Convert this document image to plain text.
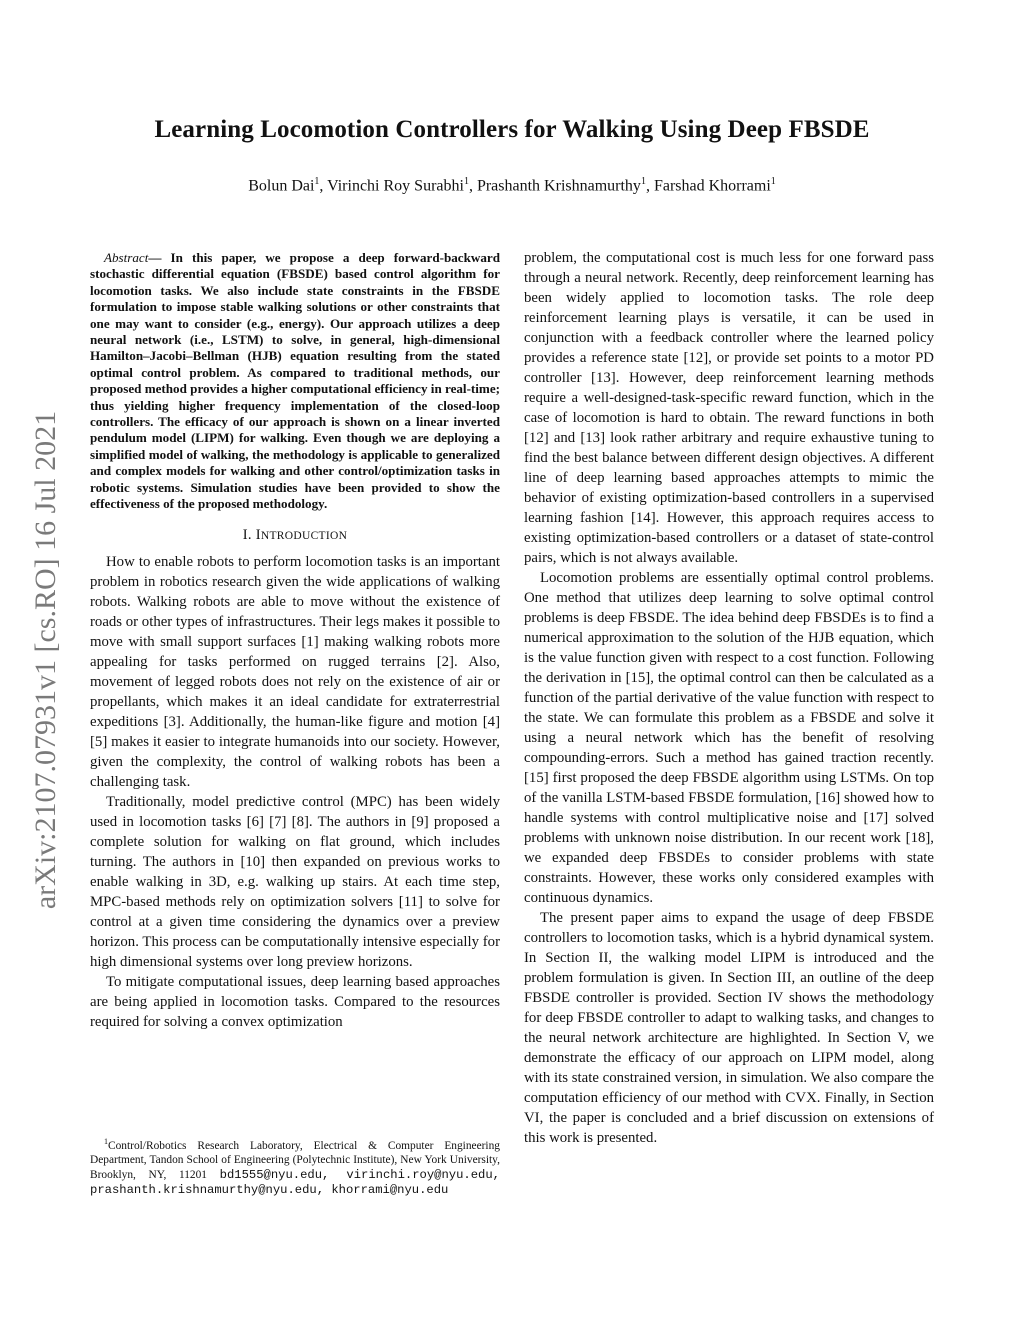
Learning Locomotion Controllers for Walking Using Deep FBSDE
Bolun Dai$^1$, Virinchi Roy Surabhi$^1$, Prashanth Krishnamurthy$^1$, Farshad Khorrami$^1$
arXiv:2107.07931v1 [cs.RO] 16 Jul 2021

Abstract— In this paper, we propose a deep forward-backward stochastic differential equation (FBSDE) based control algorithm for locomotion tasks. We also include state constraints in the FBSDE formulation to impose stable walking solutions or other constraints that one may want to consider (e.g., energy). Our approach utilizes a deep neural network (i.e., LSTM) to solve, in general, high-dimensional Hamilton–Jacobi–Bellman (HJB) equation resulting from the stated optimal control problem. As compared to traditional methods, our proposed method provides a higher computational efficiency in real-time; thus yielding higher frequency implementation of the closed-loop controllers. The efficacy of our approach is shown on a linear inverted pendulum model (LIPM) for walking. Even though we are deploying a simplified model of walking, the methodology is applicable to generalized and complex models for walking and other control/optimization tasks in robotic systems. Simulation studies have been provided to show the effectiveness of the proposed methodology.

I. INTRODUCTION

How to enable robots to perform locomotion tasks is an important problem in robotics research given the wide applications of walking robots. Walking robots are able to move without the existence of roads or other types of infrastructures. Their legs makes it possible to move with small support surfaces [1] making walking robots more appealing for tasks performed on rugged terrains [2]. Also, movement of legged robots does not rely on the existence of air or propellants, which makes it an ideal candidate for extraterrestrial expeditions [3]. Additionally, the human-like figure and motion [4] [5] makes it easier to integrate humanoids into our society. However, given the complexity, the control of walking robots has been a challenging task.

Traditionally, model predictive control (MPC) has been widely used in locomotion tasks [6] [7] [8]. The authors in [9] proposed a complete solution for walking on flat ground, which includes turning. The authors in [10] then expanded on previous works to enable walking in 3D, e.g. walking up stairs. At each time step, MPC-based methods rely on optimization solvers [11] to solve for control at a given time considering the dynamics over a preview horizon. This process can be computationally intensive especially for high dimensional systems over long preview horizons.

To mitigate computational issues, deep learning based approaches are being applied in locomotion tasks. Compared to the resources required for solving a convex optimization

problem, the computational cost is much less for one forward pass through a neural network. Recently, deep reinforcement learning has been widely applied to locomotion tasks. The role deep reinforcement learning plays is versatile, it can be used in conjunction with a feedback controller where the learned policy provides a reference state [12], or provide set points to a motor PD controller [13]. However, deep reinforcement learning methods require a well-designed-task-specific reward function, which in the case of locomotion is hard to obtain. The reward functions in both [12] and [13] look rather arbitrary and require exhaustive tuning to find the best balance between different design objectives. A different line of deep learning based approaches attempts to mimic the behavior of existing optimization-based controllers in a supervised learning fashion [14]. However, this approach requires access to existing optimization-based controllers or a dataset of state-control pairs, which is not always available.

Locomotion problems are essentially optimal control problems. One method that utilizes deep learning to solve optimal control problems is deep FBSDE. The idea behind deep FBSDEs is to find a numerical approximation to the solution of the HJB equation, which is the value function given with respect to a cost function. Following the derivation in [15], the optimal control can then be calculated as a function of the partial derivative of the value function with respect to the state. We can formulate this problem as a FBSDE and solve it using a neural network which has the benefit of resolving compounding-errors. Such a method has gained traction recently. [15] first proposed the deep FBSDE algorithm using LSTMs. On top of the vanilla LSTM-based FBSDE formulation, [16] showed how to handle systems with control multiplicative noise and [17] solved problems with unknown noise distribution. In our recent work [18], we expanded deep FBSDEs to consider problems with state constraints. However, these works only considered examples with continuous dynamics.

The present paper aims to expand the usage of deep FBSDE controllers to locomotion tasks, which is a hybrid dynamical system. In Section II, the walking model LIPM is introduced and the problem formulation is given. In Section III, an outline of the deep FBSDE controller is provided. Section IV shows the methodology for deep FBSDE controller to adapt to walking tasks, and changes to the neural network architecture are highlighted. In Section V, we demonstrate the efficacy of our approach on LIPM model, along with its state constrained version, in simulation. We also compare the computation efficiency of our method with CVX. Finally, in Section VI, the paper is concluded and a brief discussion on extensions of this work is presented.

$^1$Control/Robotics Research Laboratory, Electrical & Computer Engineering Department, Tandon School of Engineering (Polytechnic Institute), New York University, Brooklyn, NY, 11201 bd1555@nyu.edu, virinchi.roy@nyu.edu, prashanth.krishnamurthy@nyu.edu, khorrami@nyu.edu
